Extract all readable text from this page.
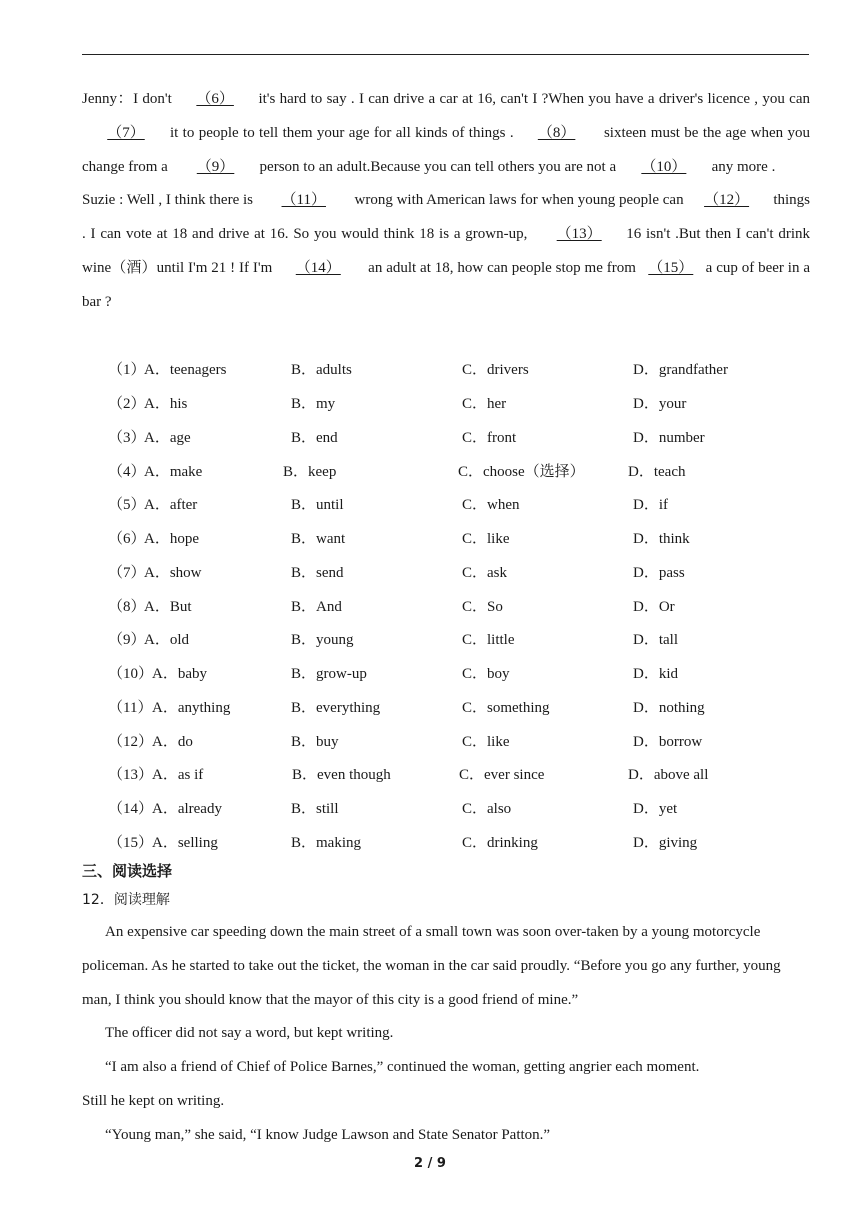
Jenny：I don't （6） it's hard to say . I can drive a car at 16, can't I ?When you have a driver's licence , you can （7） it to people to tell them your age for all kinds of things . （8） sixteen must be the age when you change from a （9） person to an adult.Because you can tell others you are not a （10） any more .

Suzie : Well , I think there is （11） wrong with American laws for when young people can （12） things . I can vote at 18 and drive at 16. So you would think 18 is a grown-up, （13） 16 isn't .But then I can't drink wine（酒）until I'm 21 ! If I'm （14） an adult at 18, how can people stop me from （15） a cup of beer in a bar ?

（1）
A．teenagers	B．adults	C．drivers	D．grandfather
（2）
A．his	B．my	C．her	D．your
（3）
A．age	B．end	C．front	D．number
（4）
A．make	B．keep	C．choose（选择）	D．teach
（5）
A．after	B．until	C．when	D．if
（6）
A．hope	B．want	C．like	D．think
（7）
A．show	B．send	C．ask	D．pass
（8）
A．But	B．And	C．So	D．Or
（9）
A．old	B．young	C．little	D．tall
（10）
A．baby	B．grow-up	C．boy	D．kid
（11） A．anything	B．everything	C．something	D．nothing
（12）
A．do	B．buy	C．like	D．borrow
（13）
A．as if	B．even though	C．ever since	D．above all
（14）
A．already	B．still	C．also	D．yet
（15）
A．selling	B．making	C．drinking	D．giving
三、阅读选择
12．阅读理解

An expensive car speeding down the main street of a small town was soon over-taken by a young motorcycle policeman. As he started to take out the ticket, the woman in the car said proudly. “Before you go any further, young man, I think you should know that the mayor of this city is a good friend of mine.”

The officer did not say a word, but kept writing.

“I am also a friend of Chief of Police Barnes,” continued the woman, getting angrier each moment.

Still he kept on writing.

“Young man,” she said, “I know Judge Lawson and State Senator Patton.”

2 / 9
